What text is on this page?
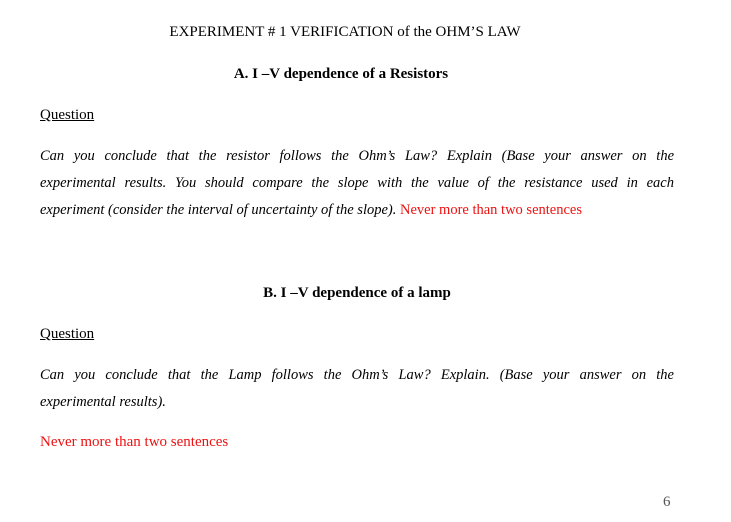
EXPERIMENT # 1 VERIFICATION of the OHM’S LAW
A. I –V dependence of a Resistors
Question
Can you conclude that the resistor follows the Ohm’s Law? Explain (Base your answer on the
experimental results. You should compare the slope with the value of the resistance used in each
experiment (consider the interval of uncertainty of the slope). Never more than two sentences
B. I –V dependence of a lamp
Question
Can you conclude that the Lamp follows the Ohm’s Law? Explain. (Base your answer on the
experimental results).
Never more than two sentences
6
